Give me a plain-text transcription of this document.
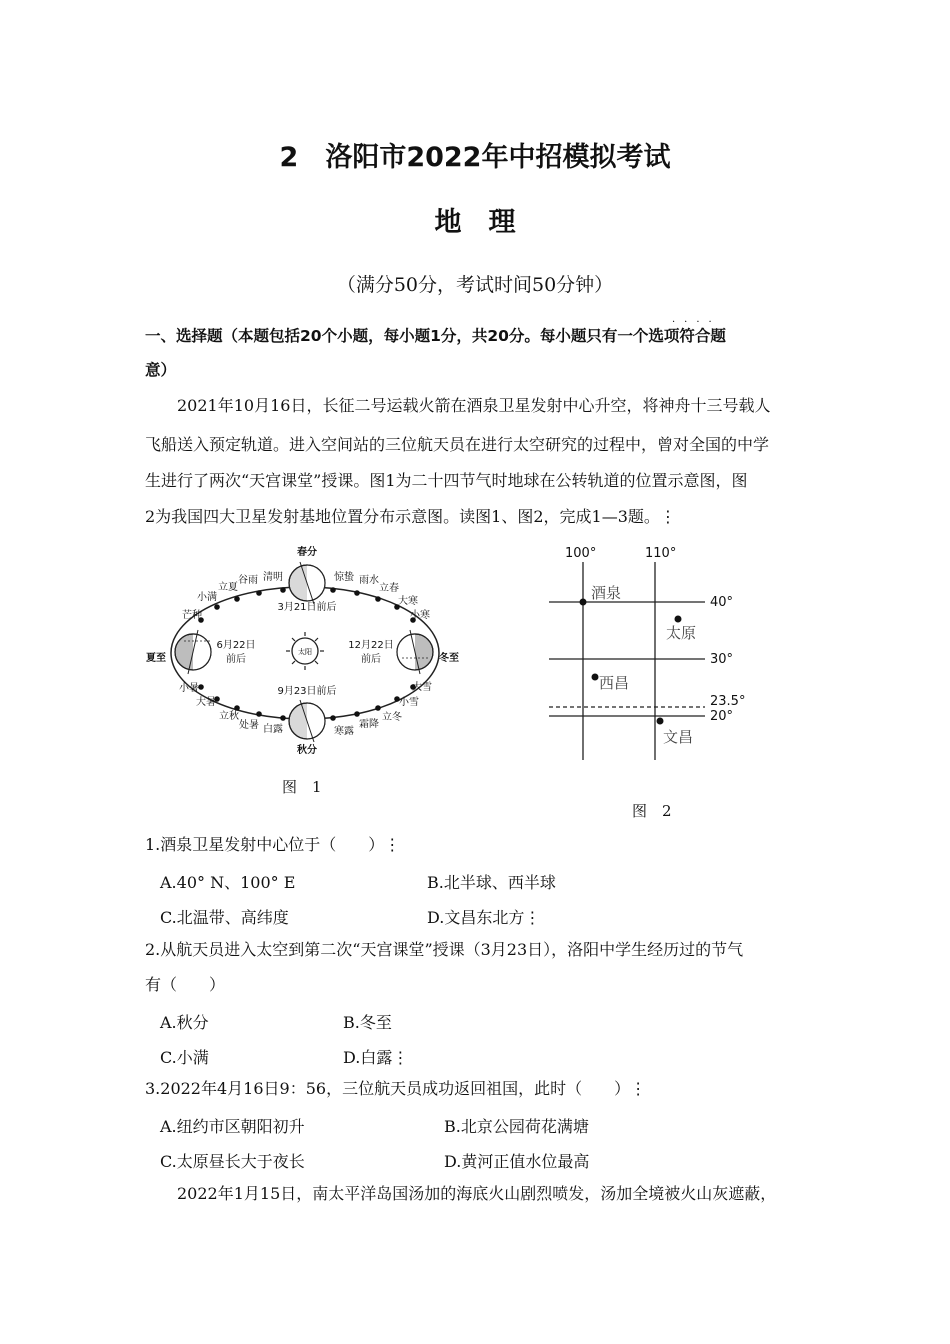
2　洛阳市2022年中招模拟考试
地　理
（满分50分，考试时间50分钟）
····
一、选择题（本题包括20个小题，每小题1分，共20分。每小题只有一个选项符合题
意）
2021年10月16日，长征二号运载火箭在酒泉卫星发射中心升空，将神舟十三号载人
飞船送入预定轨道。进入空间站的三位航天员在进行太空研究的过程中，曾对全国的中学
生进行了两次“天宫课堂”授课。图1为二十四节气时地球在公转轨道的位置示意图，图
2为我国四大卫星发射基地位置分布示意图。读图1、图2，完成1—3题。⋮
太阳
春分
3月21日前后
秋分
9月23日前后
夏至
6月22日
前后	冬至
12月22日
前后
清明
谷雨
立夏
小满
芒种
惊蛰 雨水
立春
大寒
小寒
小暑
大暑
立秋
处暑 白露
大雪
小雪
立冬
霜降
寒露
图　1
100°	110°
40°
30°
23.5°
20°
酒泉
太原
西昌
文昌
图　2
1.酒泉卫星发射中心位于（　　）⋮
A.40° N、100° E	B.北半球、西半球
C.北温带、高纬度	D.文昌东北方⋮
2.从航天员进入太空到第二次“天宫课堂”授课（3月23日），洛阳中学生经历过的节气
有（　　）
A.秋分	B.冬至
C.小满	D.白露⋮
3.2022年4月16日9：56，三位航天员成功返回祖国，此时（　　）⋮
A.纽约市区朝阳初升	B.北京公园荷花满塘
C.太原昼长大于夜长	D.黄河正值水位最高
2022年1月15日，南太平洋岛国汤加的海底火山剧烈喷发，汤加全境被火山灰遮蔽，
